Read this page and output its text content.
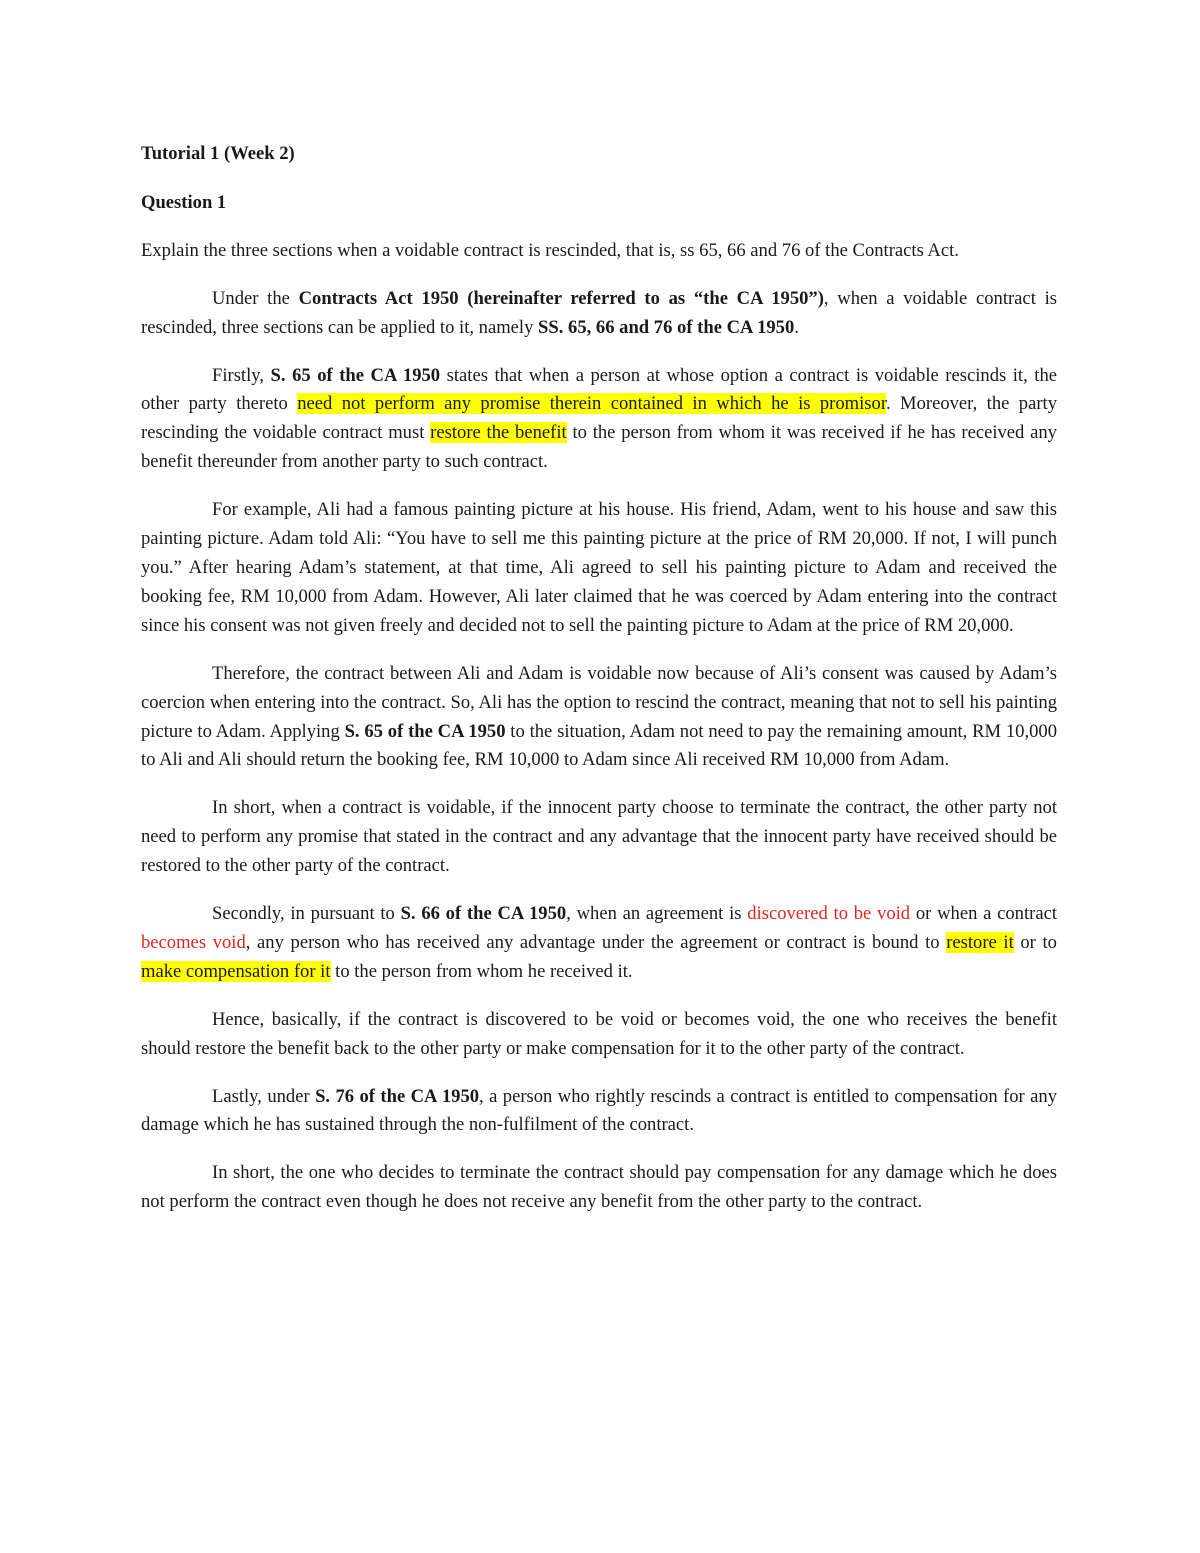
Tutorial 1 (Week 2)
Question 1

Explain the three sections when a voidable contract is rescinded, that is, ss 65, 66 and 76 of the Contracts Act.

Under the Contracts Act 1950 (hereinafter referred to as “the CA 1950”), when a voidable contract is rescinded, three sections can be applied to it, namely SS. 65, 66 and 76 of the CA 1950.

Firstly, S. 65 of the CA 1950 states that when a person at whose option a contract is voidable rescinds it, the other party thereto need not perform any promise therein contained in which he is promisor. Moreover, the party rescinding the voidable contract must restore the benefit to the person from whom it was received if he has received any benefit thereunder from another party to such contract.

For example, Ali had a famous painting picture at his house. His friend, Adam, went to his house and saw this painting picture. Adam told Ali: “You have to sell me this painting picture at the price of RM 20,000. If not, I will punch you.” After hearing Adam’s statement, at that time, Ali agreed to sell his painting picture to Adam and received the booking fee, RM 10,000 from Adam. However, Ali later claimed that he was coerced by Adam entering into the contract since his consent was not given freely and decided not to sell the painting picture to Adam at the price of RM 20,000.

Therefore, the contract between Ali and Adam is voidable now because of Ali’s consent was caused by Adam’s coercion when entering into the contract. So, Ali has the option to rescind the contract, meaning that not to sell his painting picture to Adam. Applying S. 65 of the CA 1950 to the situation, Adam not need to pay the remaining amount, RM 10,000 to Ali and Ali should return the booking fee, RM 10,000 to Adam since Ali received RM 10,000 from Adam.

In short, when a contract is voidable, if the innocent party choose to terminate the contract, the other party not need to perform any promise that stated in the contract and any advantage that the innocent party have received should be restored to the other party of the contract.

Secondly, in pursuant to S. 66 of the CA 1950, when an agreement is discovered to be void or when a contract becomes void, any person who has received any advantage under the agreement or contract is bound to restore it or to make compensation for it to the person from whom he received it.

Hence, basically, if the contract is discovered to be void or becomes void, the one who receives the benefit should restore the benefit back to the other party or make compensation for it to the other party of the contract.

Lastly, under S. 76 of the CA 1950, a person who rightly rescinds a contract is entitled to compensation for any damage which he has sustained through the non-fulfilment of the contract.

In short, the one who decides to terminate the contract should pay compensation for any damage which he does not perform the contract even though he does not receive any benefit from the other party to the contract.
